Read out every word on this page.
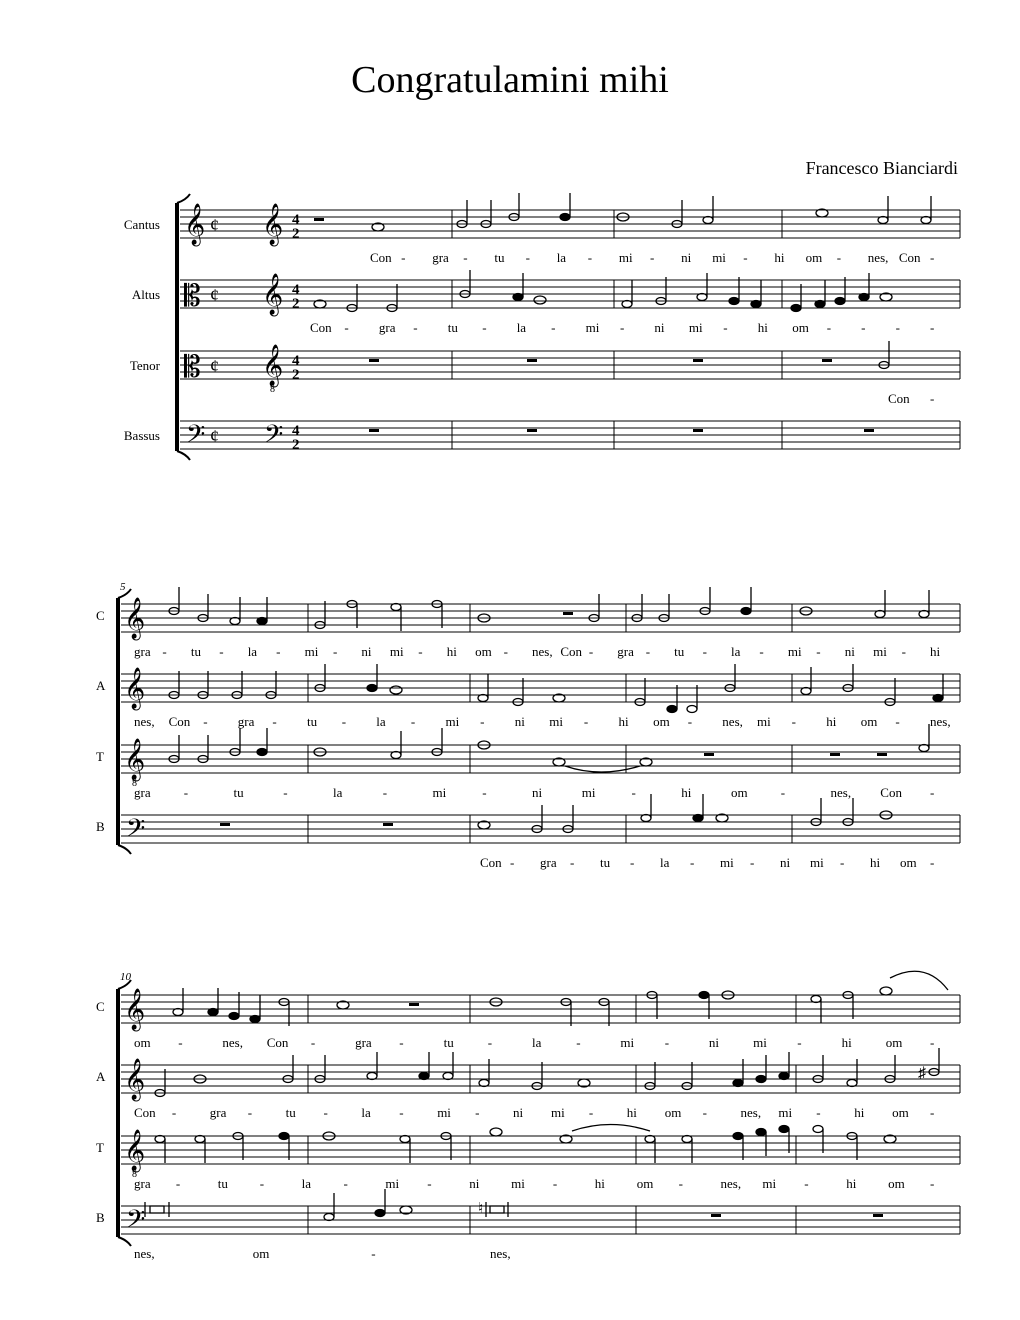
Congratulamini mihi
Francesco Bianciardi
Cantus
Altus
Tenor
Bassus
𝄞 ¢
𝄡 ¢
𝄡 ¢
𝄢 ¢
𝄞
𝄞
𝄞
8
𝄢
4
2
4
2
4
2
4
2
5
C
A
T
B
𝄞
𝄞
𝄞
8
𝄢
10
C
A
T
B
𝄞
𝄞
𝄞
8
𝄢
♯
♮
Con - gra - tu - la - mi - ni mi - hi om - nes, Con -
Con - gra - tu - la - mi - ni mi - hi om - - - -
Con -
gra - tu - la - mi - ni mi - hi om - nes, Con - gra - tu - la - mi - ni mi - hi
nes, Con - gra - tu - la - mi - ni mi - hi om - nes, mi - hi om - nes,
gra	-	tu	-	la	-	mi	-	ni	mi	-	hi	om	-	nes, Con -
Con - gra - tu - la - mi - ni mi - hi om -
om -	nes, Con -	gra -	tu	-	la	-	mi -	ni	mi -	hi	om -
Con -	gra -	tu -	la -	mi -	ni mi -	hi om -	nes, mi -	hi om -
gra -	tu -	la	-	mi -	ni mi -	hi om -	nes, mi -	hi om -
nes,	om	-	nes,
